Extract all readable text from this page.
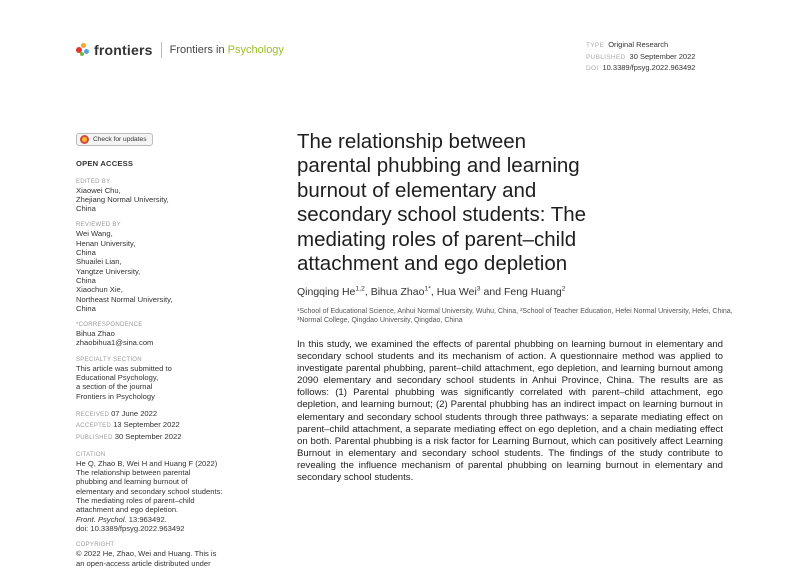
frontiers Frontiers in Psychology	TYPE Original Research
PUBLISHED 30 September 2022
DOI 10.3389/fpsyg.2022.963492
Check for updates
OPEN ACCESS
EDITED BY
Xiaowei Chu,
Zhejiang Normal University,
China
REVIEWED BY
Wei Wang,
Henan University,
China
Shuailei Lian,
Yangtze University,
China
Xiaochun Xie,
Northeast Normal University,
China
*CORRESPONDENCE
Bihua Zhao
zhaobihua1@sina.com
SPECIALTY SECTION
This article was submitted to
Educational Psychology,
a section of the journal
Frontiers in Psychology
RECEIVED 07 June 2022
ACCEPTED 13 September 2022
PUBLISHED 30 September 2022
CITATION
He Q, Zhao B, Wei H and Huang F (2022)
The relationship between parental
phubbing and learning burnout of
elementary and secondary school students:
The mediating roles of parent–child
attachment and ego depletion.
Front. Psychol. 13:963492.
doi: 10.3389/fpsyg.2022.963492
COPYRIGHT
© 2022 He, Zhao, Wei and Huang. This is
an open-access article distributed under
The relationship between
parental phubbing and learning
burnout of elementary and
secondary school students: The
mediating roles of parent–child
attachment and ego depletion
Qingqing He$^{1,2}$, Bihua Zhao$^{1*}$, Hua Wei$^3$ and Feng Huang$^2$
¹School of Educational Science, Anhui Normal University, Wuhu, China, ²School of Teacher Education, Hefei Normal University, Hefei, China, ³Normal College, Qingdao University, Qingdao, China

In this study, we examined the effects of parental phubbing on learning burnout in elementary and secondary school students and its mechanism of action. A questionnaire method was applied to investigate parental phubbing, parent–child attachment, ego depletion, and learning burnout among 2090 elementary and secondary school students in Anhui Province, China. The results are as follows: (1) Parental phubbing was significantly correlated with parent–child attachment, ego depletion, and learning burnout; (2) Parental phubbing has an indirect impact on learning burnout in elementary and secondary school students through three pathways: a separate mediating effect on parent–child attachment, a separate mediating effect on ego depletion, and a chain mediating effect on both. Parental phubbing is a risk factor for Learning Burnout, which can positively affect Learning Burnout in elementary and secondary school students. The findings of the study contribute to revealing the influence mechanism of parental phubbing on learning burnout in elementary and secondary school students.
